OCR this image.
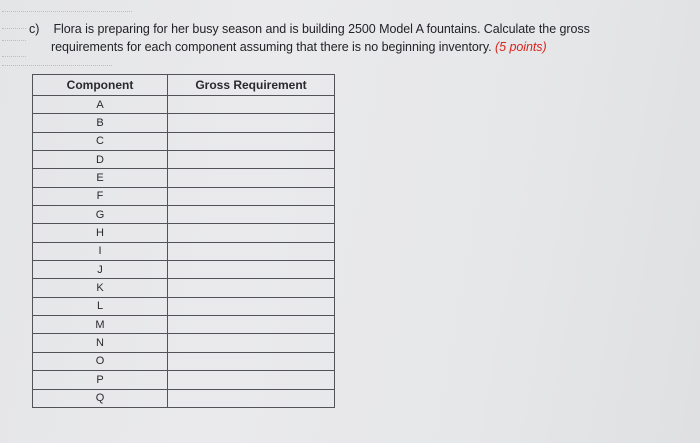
c) Flora is preparing for her busy season and is building 2500 Model A fountains. Calculate the gross
requirements for each component assuming that there is no beginning inventory. (5 points)
Component	Gross Requirement
A	
B	
C	
D	
E	
F	
G	
H	
I	
J	
K	
L	
M	
N	
O	
P	
Q	
